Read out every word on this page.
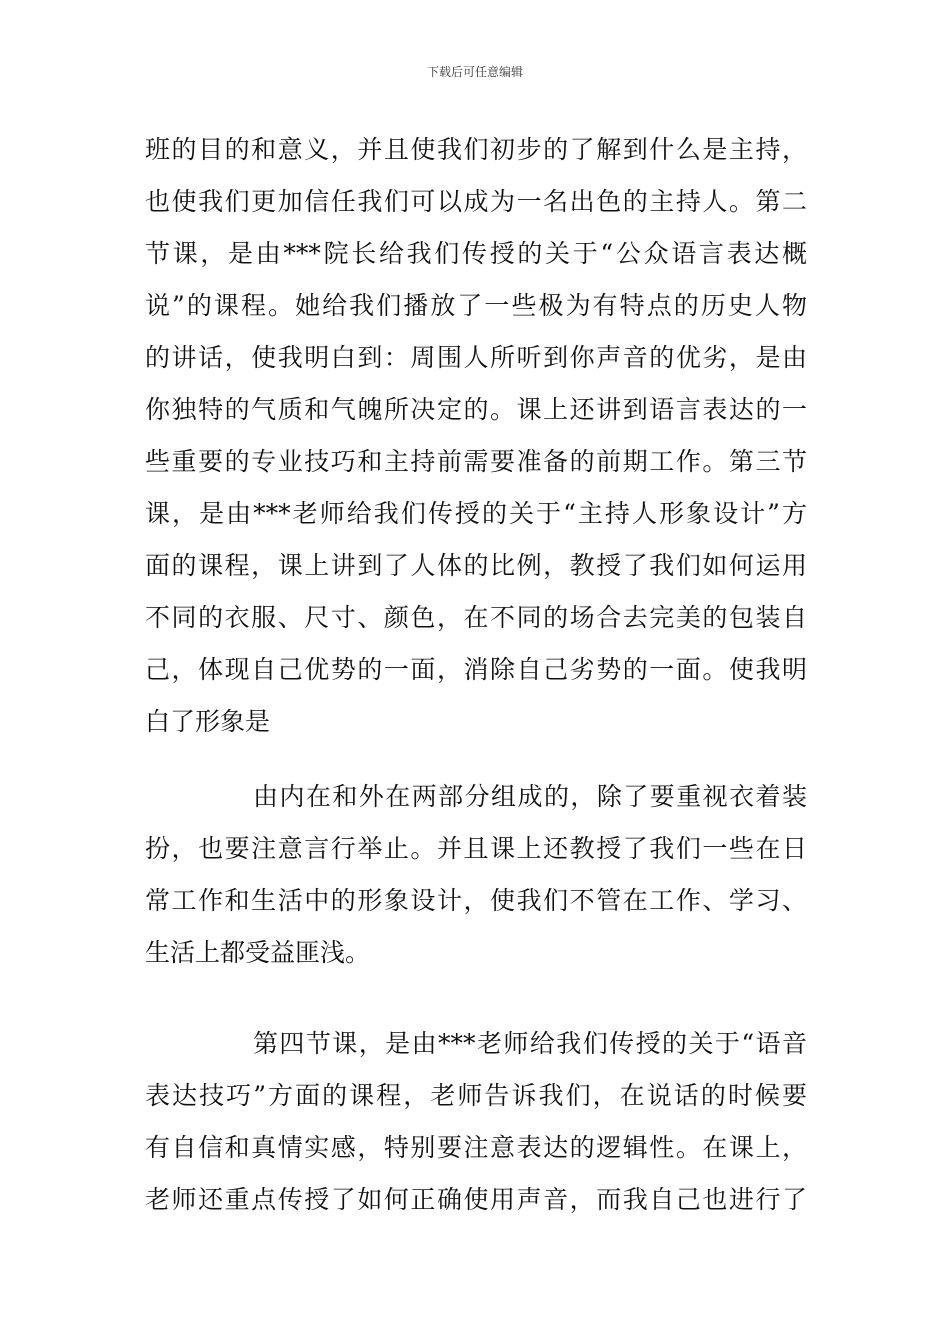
下载后可任意编辑
班的目的和意义，并且使我们初步的了解到什么是主持，
也使我们更加信任我们可以成为一名出色的主持人。第二
节课，是由***院长给我们传授的关于“公众语言表达概
说”的课程。她给我们播放了一些极为有特点的历史人物
的讲话，使我明白到：周围人所听到你声音的优劣，是由
你独特的气质和气魄所决定的。课上还讲到语言表达的一
些重要的专业技巧和主持前需要准备的前期工作。第三节
课，是由***老师给我们传授的关于“主持人形象设计”方
面的课程，课上讲到了人体的比例，教授了我们如何运用
不同的衣服、尺寸、颜色，在不同的场合去完美的包装自
己，体现自己优势的一面，消除自己劣势的一面。使我明
白了形象是
由内在和外在两部分组成的，除了要重视衣着装
扮，也要注意言行举止。并且课上还教授了我们一些在日
常工作和生活中的形象设计，使我们不管在工作、学习、
生活上都受益匪浅。
第四节课，是由***老师给我们传授的关于“语音
表达技巧”方面的课程，老师告诉我们，在说话的时候要
有自信和真情实感，特别要注意表达的逻辑性。在课上，
老师还重点传授了如何正确使用声音，而我自己也进行了
